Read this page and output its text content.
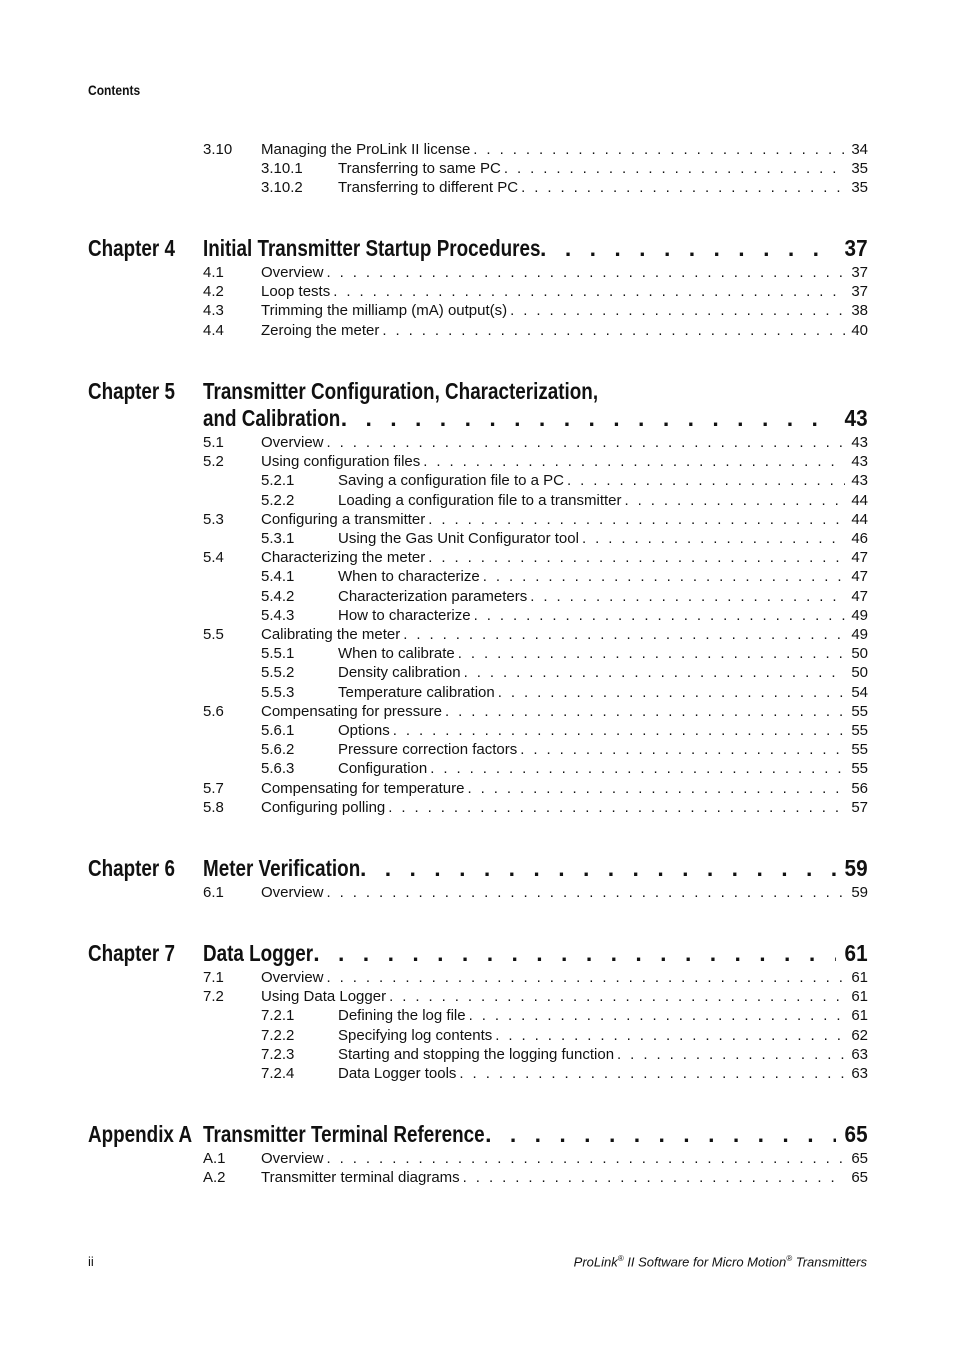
Contents
3.10 Managing the ProLink II license . . .	34
3.10.1 Transferring to same PC . . .	35
3.10.2 Transferring to different PC . . .	35
Chapter 4 Initial Transmitter Startup Procedures . . .	37
4.1 Overview . . .	37
4.2 Loop tests . . .	37
4.3 Trimming the milliamp (mA) output(s) . . .	38
4.4 Zeroing the meter . . .	40
Chapter 5 Transmitter Configuration, Characterization,
and Calibration . . .	43
5.1 Overview . . .	43
5.2 Using configuration files . . .	43
5.2.1	Saving a configuration file to a PC . . .	43
5.2.2	Loading a configuration file to a transmitter . . .	44
5.3 Configuring a transmitter . . .	44
5.3.1	Using the Gas Unit Configurator tool . . .	46
5.4 Characterizing the meter . . .	47
5.4.1	When to characterize . . .	47
5.4.2	Characterization parameters . . .	47
5.4.3	How to characterize . . .	49
5.5 Calibrating the meter . . .	49
5.5.1	When to calibrate . . .	50
5.5.2	Density calibration . . .	50
5.5.3	Temperature calibration . . .	54
5.6 Compensating for pressure . . .	55
5.6.1	Options . . .	55
5.6.2	Pressure correction factors . . .	55
5.6.3	Configuration . . .	55
5.7 Compensating for temperature . . .	56
5.8 Configuring polling . . .	57
Chapter 6 Meter Verification . . .	59
6.1 Overview . . .	59
Chapter 7 Data Logger . . .	61
7.1 Overview . . .	61
7.2 Using Data Logger . . .	61
7.2.1	Defining the log file . . .	61
7.2.2	Specifying log contents . . .	62
7.2.3	Starting and stopping the logging function . . .	63
7.2.4	Data Logger tools . . .	63
Appendix A Transmitter Terminal Reference . . .	65
A.1 Overview . . .	65
A.2 Transmitter terminal diagrams . . .	65
ii	ProLink® II Software for Micro Motion® Transmitters
